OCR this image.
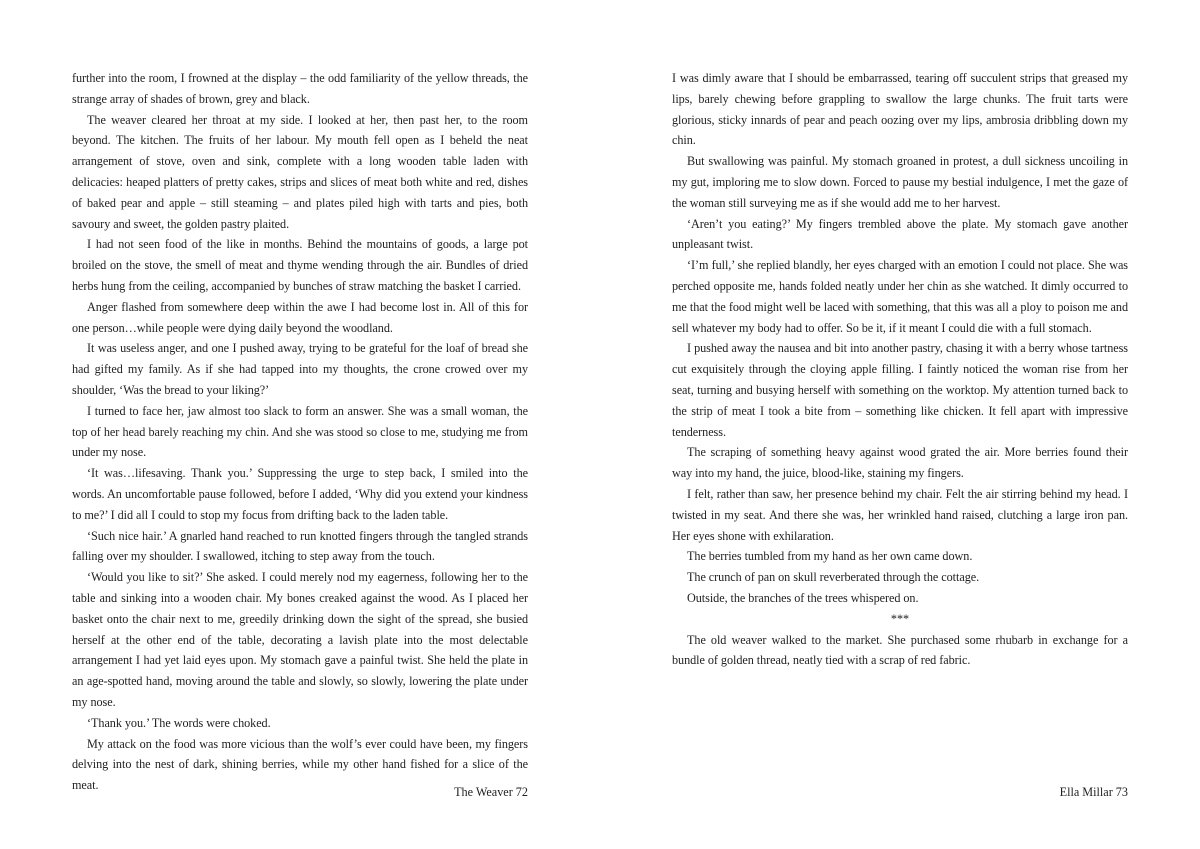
further into the room, I frowned at the display – the odd familiarity of the yellow threads, the strange array of shades of brown, grey and black.

The weaver cleared her throat at my side. I looked at her, then past her, to the room beyond. The kitchen. The fruits of her labour. My mouth fell open as I beheld the neat arrangement of stove, oven and sink, complete with a long wooden table laden with delicacies: heaped platters of pretty cakes, strips and slices of meat both white and red, dishes of baked pear and apple – still steaming – and plates piled high with tarts and pies, both savoury and sweet, the golden pastry plaited.

I had not seen food of the like in months. Behind the mountains of goods, a large pot broiled on the stove, the smell of meat and thyme wending through the air. Bundles of dried herbs hung from the ceiling, accompanied by bunches of straw matching the basket I carried.

Anger flashed from somewhere deep within the awe I had become lost in. All of this for one person…while people were dying daily beyond the woodland.

It was useless anger, and one I pushed away, trying to be grateful for the loaf of bread she had gifted my family. As if she had tapped into my thoughts, the crone crowed over my shoulder, ‘Was the bread to your liking?’

I turned to face her, jaw almost too slack to form an answer. She was a small woman, the top of her head barely reaching my chin. And she was stood so close to me, studying me from under my nose.

‘It was…lifesaving. Thank you.’ Suppressing the urge to step back, I smiled into the words. An uncomfortable pause followed, before I added, ‘Why did you extend your kindness to me?’ I did all I could to stop my focus from drifting back to the laden table.

‘Such nice hair.’ A gnarled hand reached to run knotted fingers through the tangled strands falling over my shoulder. I swallowed, itching to step away from the touch.

‘Would you like to sit?’ She asked. I could merely nod my eagerness, following her to the table and sinking into a wooden chair. My bones creaked against the wood. As I placed her basket onto the chair next to me, greedily drinking down the sight of the spread, she busied herself at the other end of the table, decorating a lavish plate into the most delectable arrangement I had yet laid eyes upon. My stomach gave a painful twist. She held the plate in an age-spotted hand, moving around the table and slowly, so slowly, lowering the plate under my nose.

‘Thank you.’ The words were choked.

My attack on the food was more vicious than the wolf’s ever could have been, my fingers delving into the nest of dark, shining berries, while my other hand fished for a slice of the meat.

I was dimly aware that I should be embarrassed, tearing off succulent strips that greased my lips, barely chewing before grappling to swallow the large chunks. The fruit tarts were glorious, sticky innards of pear and peach oozing over my lips, ambrosia dribbling down my chin.

But swallowing was painful. My stomach groaned in protest, a dull sickness uncoiling in my gut, imploring me to slow down. Forced to pause my bestial indulgence, I met the gaze of the woman still surveying me as if she would add me to her harvest.

‘Aren’t you eating?’ My fingers trembled above the plate. My stomach gave another unpleasant twist.

‘I’m full,’ she replied blandly, her eyes charged with an emotion I could not place. She was perched opposite me, hands folded neatly under her chin as she watched. It dimly occurred to me that the food might well be laced with something, that this was all a ploy to poison me and sell whatever my body had to offer. So be it, if it meant I could die with a full stomach.

I pushed away the nausea and bit into another pastry, chasing it with a berry whose tartness cut exquisitely through the cloying apple filling. I faintly noticed the woman rise from her seat, turning and busying herself with something on the worktop. My attention turned back to the strip of meat I took a bite from – something like chicken. It fell apart with impressive tenderness.

The scraping of something heavy against wood grated the air. More berries found their way into my hand, the juice, blood-like, staining my fingers.

I felt, rather than saw, her presence behind my chair. Felt the air stirring behind my head. I twisted in my seat. And there she was, her wrinkled hand raised, clutching a large iron pan. Her eyes shone with exhilaration.

The berries tumbled from my hand as her own came down.

The crunch of pan on skull reverberated through the cottage.

Outside, the branches of the trees whispered on.

***

The old weaver walked to the market. She purchased some rhubarb in exchange for a bundle of golden thread, neatly tied with a scrap of red fabric.

The Weaver 72	Ella Millar 73
